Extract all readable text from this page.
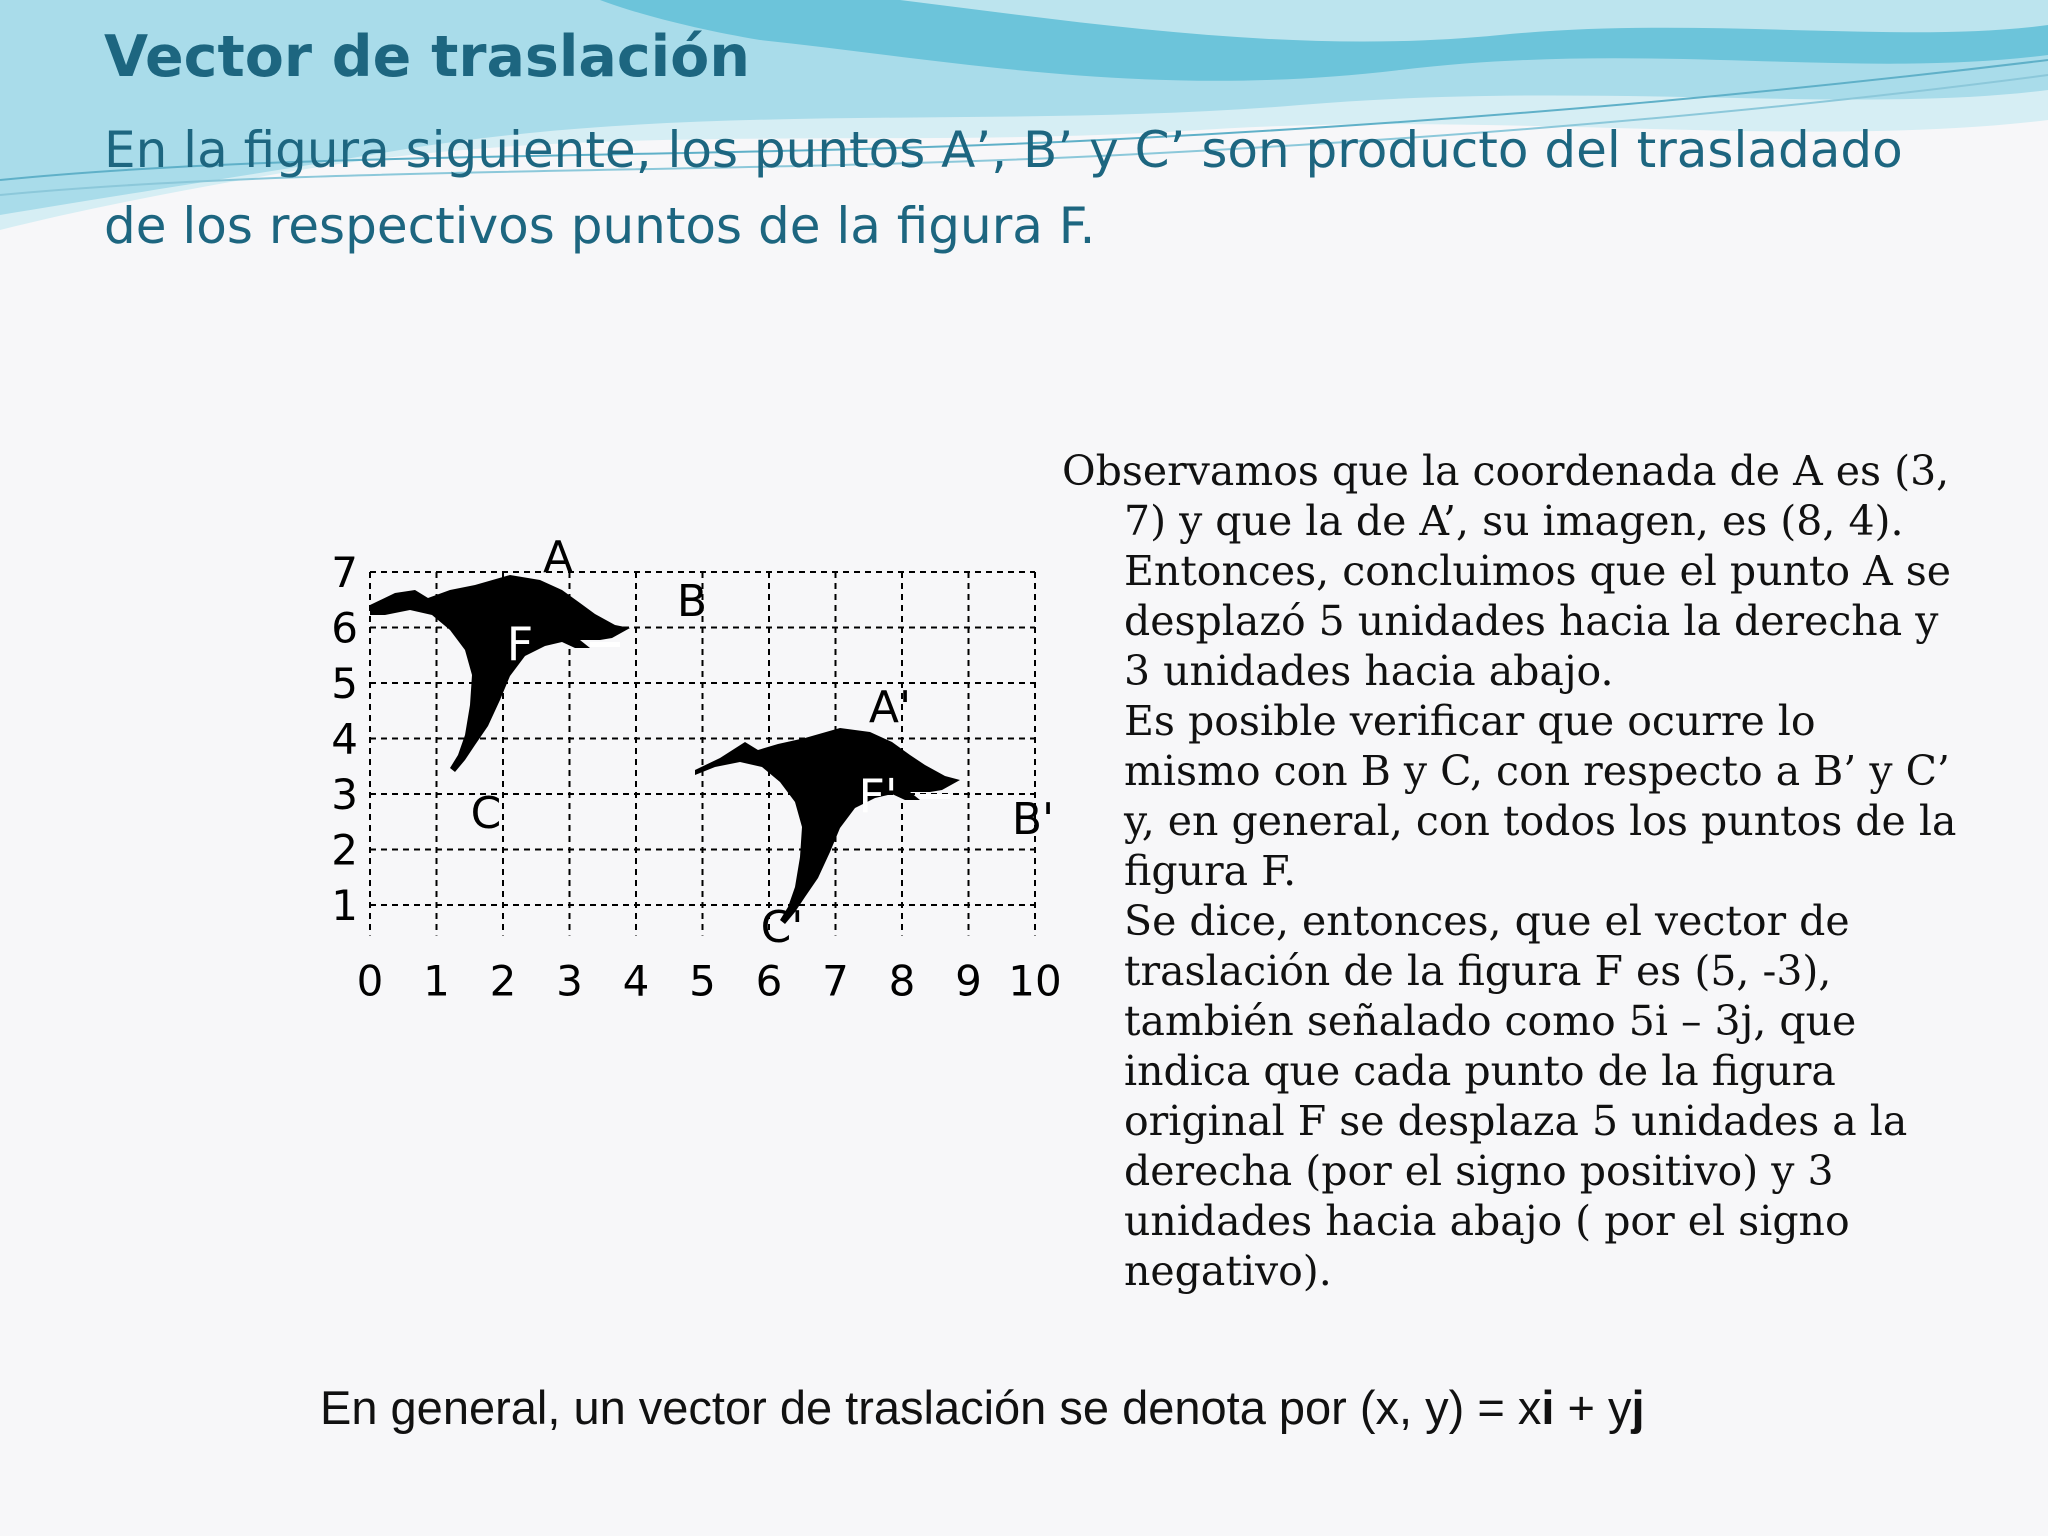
Vector de traslación

En la figura siguiente, los puntos A’, B’ y C’ son producto del trasladado de los respectivos puntos de la figura F.

F
F'
A
B
C
A'
B'
C'
0 1 2 3 4 5 6 7 8 9 10
1
2
3
4
5
6
7
Observamos que la coordenada de A es (3, 7) y que la de A’, su imagen, es (8, 4). Entonces, concluimos que el punto A se desplazó 5 unidades hacia la derecha y 3 unidades hacia abajo.
Es posible verificar que ocurre lo mismo con B y C, con respecto a B’ y C’ y, en general, con todos los puntos de la figura F.
Se dice, entonces, que el vector de traslación de la figura F es (5, -3), también señalado como 5i – 3j, que indica que cada punto de la figura original F se desplaza 5 unidades a la derecha (por el signo positivo) y 3 unidades hacia abajo ( por el signo negativo).

En general, un vector de traslación se denota por (x, y) = xi + yj
